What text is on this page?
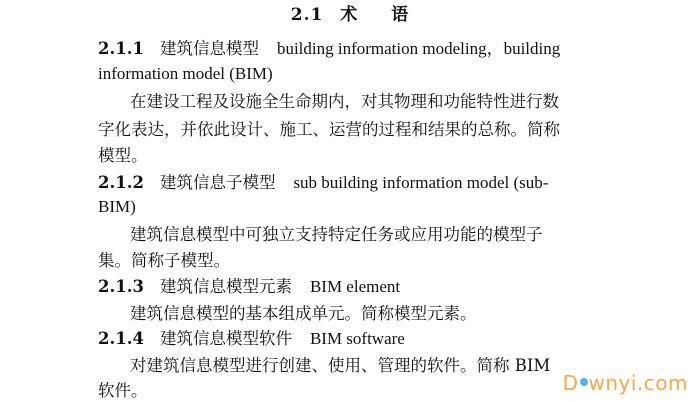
2.1 术 语
2.1.1 建筑信息模型 building information modeling，building
information model (BIM)
在建设工程及设施全生命期内，对其物理和功能特性进行数
字化表达，并依此设计、施工、运营的过程和结果的总称。简称
模型。
2.1.2 建筑信息子模型 sub building information model (sub-
BIM)
建筑信息模型中可独立支持特定任务或应用功能的模型子
集。简称子模型。
2.1.3 建筑信息模型元素 BIM element
建筑信息模型的基本组成单元。简称模型元素。
2.1.4 建筑信息模型软件 BIM software
对建筑信息模型进行创建、使用、管理的软件。简称 BIM
软件。	D wnyi.com
